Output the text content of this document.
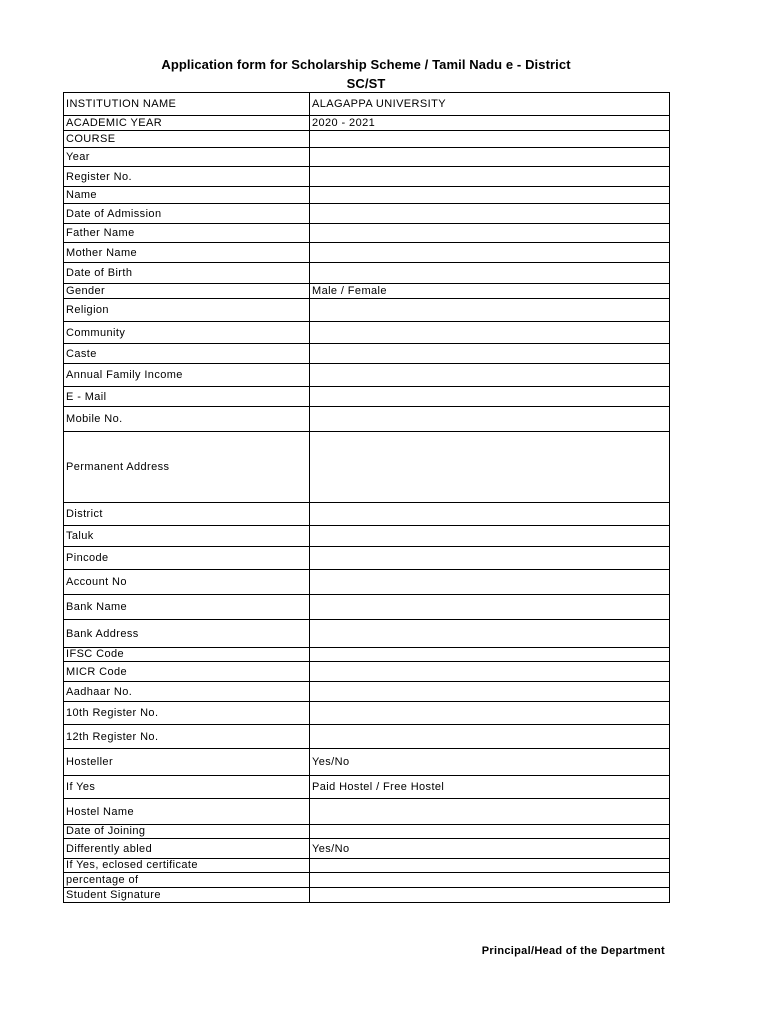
Application form for Scholarship Scheme / Tamil Nadu e - District
SC/ST
INSTITUTION NAME	ALAGAPPA UNIVERSITY
ACADEMIC YEAR	2020 - 2021
COURSE	
Year	
Register No.	
Name	
Date of Admission	
Father Name	
Mother Name	
Date of Birth	
Gender	Male / Female
Religion	
Community	
Caste	
Annual Family Income	
E - Mail	
Mobile No.	
Permanent Address	
District	
Taluk	
Pincode	
Account No	
Bank Name	
Bank Address	
IFSC Code	
MICR Code	
Aadhaar No.	
10th Register No.	
12th Register No.	
Hosteller	Yes/No
If Yes	Paid Hostel / Free Hostel
Hostel Name	
Date of Joining	
Differently abled	Yes/No
If Yes, eclosed certificate	
percentage of	
Student Signature	
Principal/Head of the Department
